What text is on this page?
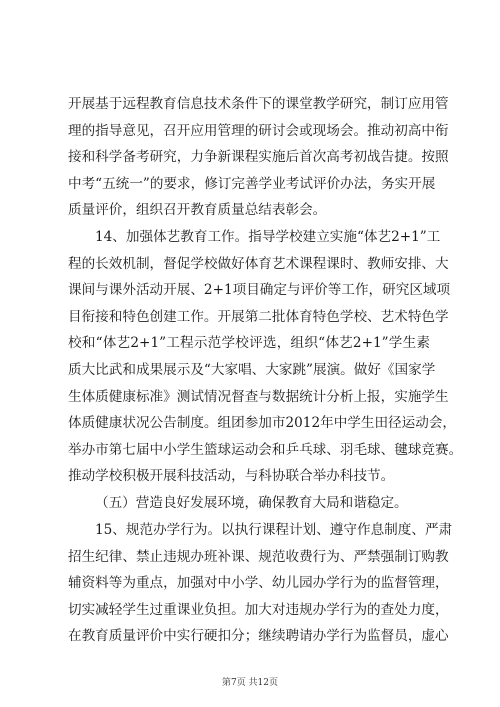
开展基于远程教育信息技术条件下的课堂教学研究，制订应用管
理的指导意见，召开应用管理的研讨会或现场会。推动初高中衔
接和科学备考研究，力争新课程实施后首次高考初战告捷。按照
中考“五统一”的要求，修订完善学业考试评价办法，务实开展
质量评价，组织召开教育质量总结表彰会。
14、加强体艺教育工作。指导学校建立实施“体艺2+1”工
程的长效机制，督促学校做好体育艺术课程课时、教师安排、大
课间与课外活动开展、2+1项目确定与评价等工作，研究区域项
目衔接和特色创建工作。开展第二批体育特色学校、艺术特色学
校和“体艺2+1”工程示范学校评选，组织“体艺2+1”学生素
质大比武和成果展示及“大家唱、大家跳”展演。做好《国家学
生体质健康标准》测试情况督查与数据统计分析上报，实施学生
体质健康状况公告制度。组团参加市2012年中学生田径运动会，
举办市第七届中小学生篮球运动会和乒乓球、羽毛球、毽球竞赛。
推动学校积极开展科技活动，与科协联合举办科技节。
（五）营造良好发展环境，确保教育大局和谐稳定。
15、规范办学行为。以执行课程计划、遵守作息制度、严肃
招生纪律、禁止违规办班补课、规范收费行为、严禁强制订购教
辅资料等为重点，加强对中小学、幼儿园办学行为的监督管理，
切实减轻学生过重课业负担。加大对违规办学行为的查处力度，
在教育质量评价中实行硬扣分；继续聘请办学行为监督员，虚心
第7页 共12页
